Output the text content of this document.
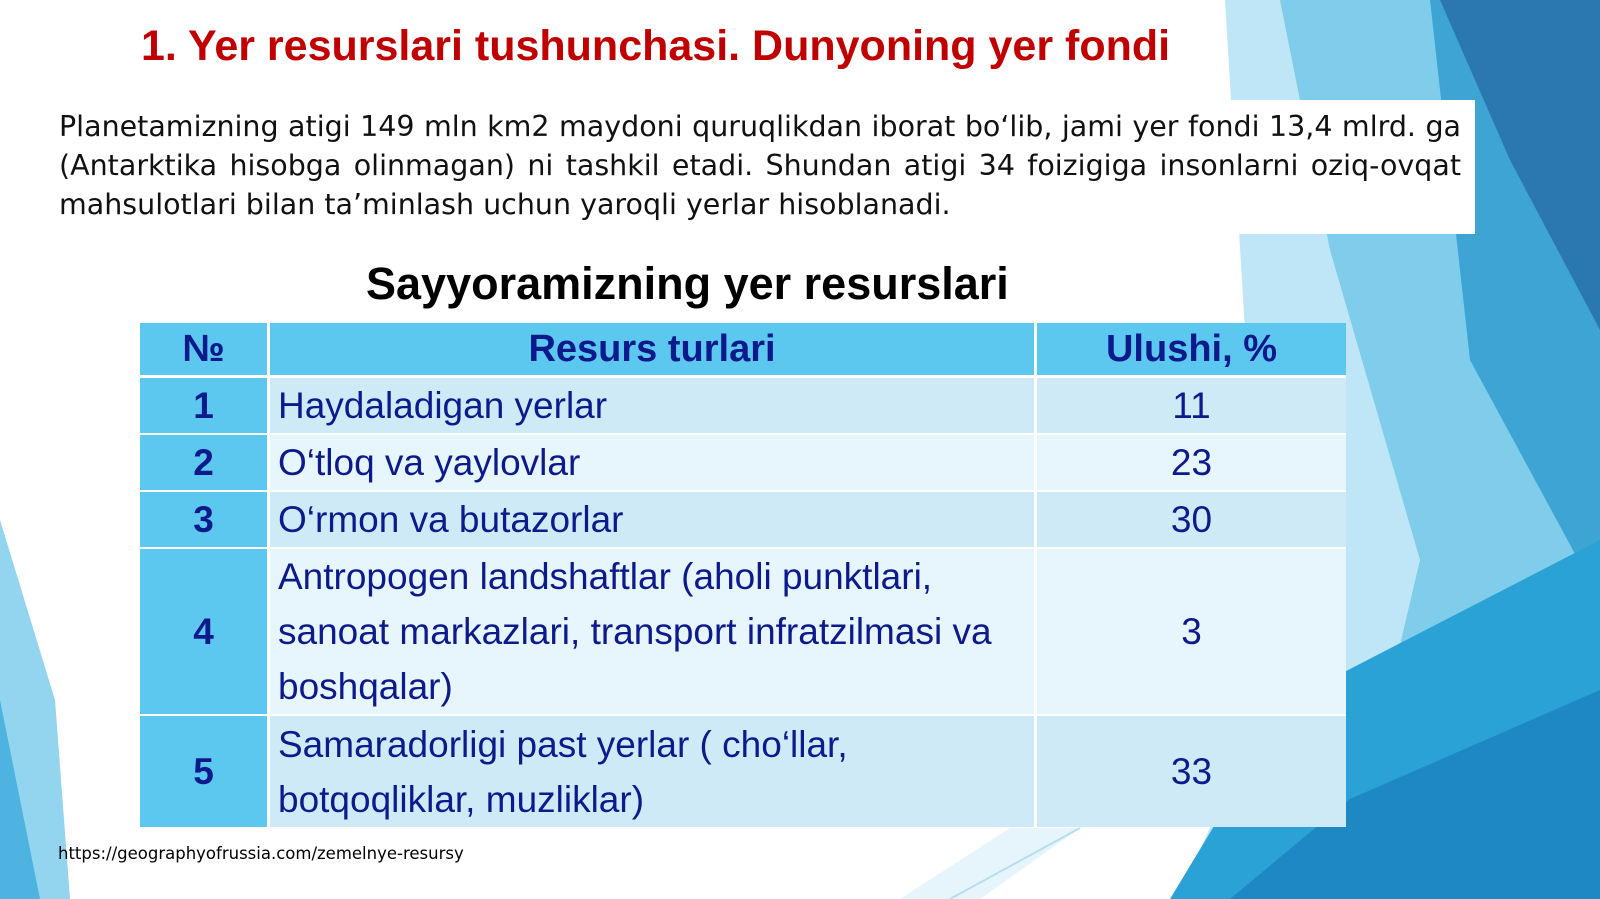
1. Yer resurslari tushunchasi. Dunyoning yer fondi

Planetamizning atigi 149 mln km2 maydoni quruqlikdan iborat bo‘lib, jami yer fondi 13,4 mlrd. ga (Antarktika hisobga olinmagan) ni tashkil etadi. Shundan atigi 34 foizigiga insonlarni oziq-ovqat mahsulotlari bilan ta’minlash uchun yaroqli yerlar hisoblanadi.

Sayyoramizning yer resurslari
№	Resurs turlari	Ulushi, %
1	Haydaladigan yerlar	11
2	O‘tloq va yaylovlar	23
3	O‘rmon va butazorlar	30
4	Antropogen landshaftlar (aholi punktlari, sanoat markazlari, transport infratzilmasi va boshqalar)	3
5	Samaradorligi past yerlar ( cho‘llar, botqoqliklar, muzliklar)	33

https://geographyofrussia.com/zemelnye-resursy
